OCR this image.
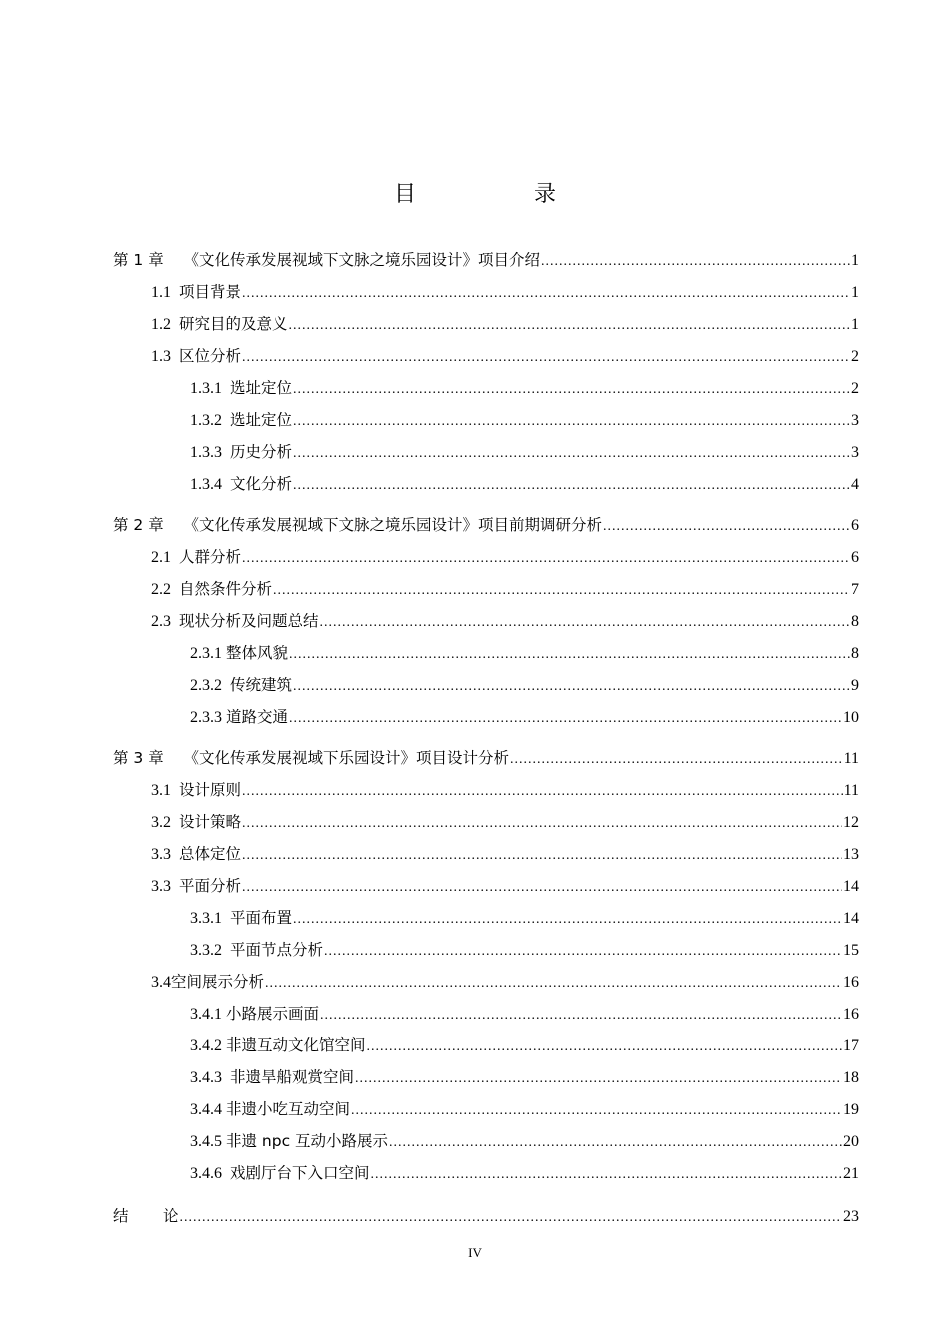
目　录
第 1 章 《文化传承发展视域下文脉之境乐园设计》项目介绍 .....	1
1.1 项目背景 .....	1
1.2 研究目的及意义 .....	1
1.3 区位分析 .....	2
1.3.1 选址定位 .....	2
1.3.2 选址定位 .....	3
1.3.3 历史分析 .....	3
1.3.4 文化分析 .....	4
第 2 章 《文化传承发展视域下文脉之境乐园设计》项目前期调研分析 .....	6
2.1 人群分析 .....	6
2.2 自然条件分析 .....	7
2.3 现状分析及问题总结 .....	8
2.3.1 整体风貌 .....	8
2.3.2 传统建筑 .....	9
2.3.3 道路交通 .....	10
第 3 章 《文化传承发展视域下乐园设计》项目设计分析 .....	11
3.1 设计原则 .....	11
3.2 设计策略 .....	12
3.3 总体定位 .....	13
3.3 平面分析 .....	14
3.3.1 平面布置 .....	14
3.3.2 平面节点分析 .....	15
3.4空间展示分析 .....	16
3.4.1 小路展示画面 .....	16
3.4.2 非遗互动文化馆空间 .....	17
3.4.3 非遗旱船观赏空间 .....	18
3.4.4 非遗小吃互动空间 .....	19
3.4.5 非遗 npc 互动小路展示 .....	20
3.4.6 戏剧厅台下入口空间 .....	21
结 论 .....	23
IV
